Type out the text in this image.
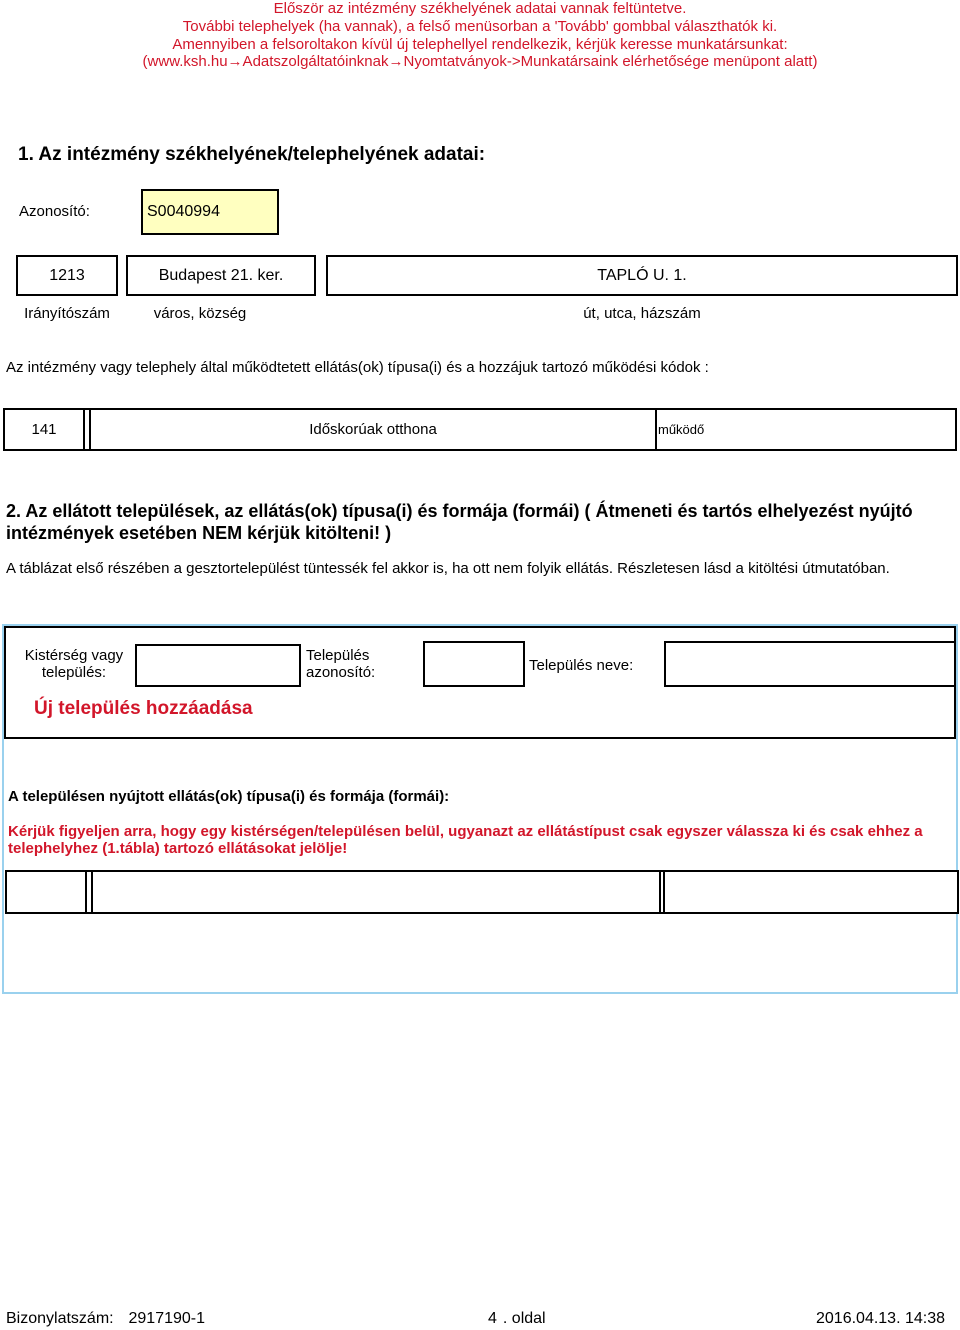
Először az intézmény székhelyének adatai vannak feltüntetve.
További telephelyek (ha vannak), a felső menüsorban a 'Tovább' gombbal választhatók ki.
Amennyiben a felsoroltakon kívül új telephellyel rendelkezik, kérjük keresse munkatársunkat:
(www.ksh.hu→Adatszolgáltatóinknak→Nyomtatványok->Munkatársaink elérhetősége menüpont alatt)
1. Az intézmény székhelyének/telephelyének adatai:
Azonosító:	S0040994
1213	Budapest 21. ker.	TAPLÓ U. 1.
Irányítószám	város, község	út, utca, házszám
Az intézmény vagy telephely által működtetett ellátás(ok) típusa(i) és a hozzájuk tartozó működési kódok :
141	Időskorúak otthona	működő
2. Az ellátott települések, az ellátás(ok) típusa(i) és formája (formái) ( Átmeneti és tartós elhelyezést nyújtó intézmények esetében NEM kérjük kitölteni! )
A táblázat első részében a gesztortelepülést tüntessék fel akkor is, ha ott nem folyik ellátás. Részletesen lásd a kitöltési útmutatóban.
Kistérség vagy település:
Település azonosító:	Település neve:
Új település hozzáadása
A településen nyújtott ellátás(ok) típusa(i) és formája (formái):
Kérjük figyeljen arra, hogy egy kistérségen/településen belül, ugyanazt az ellátástípust csak egyszer válassza ki és csak ehhez a telephelyhez (1.tábla) tartozó ellátásokat jelölje!
Bizonylatszám: 2917190-1	4 . oldal	2016.04.13. 14:38
